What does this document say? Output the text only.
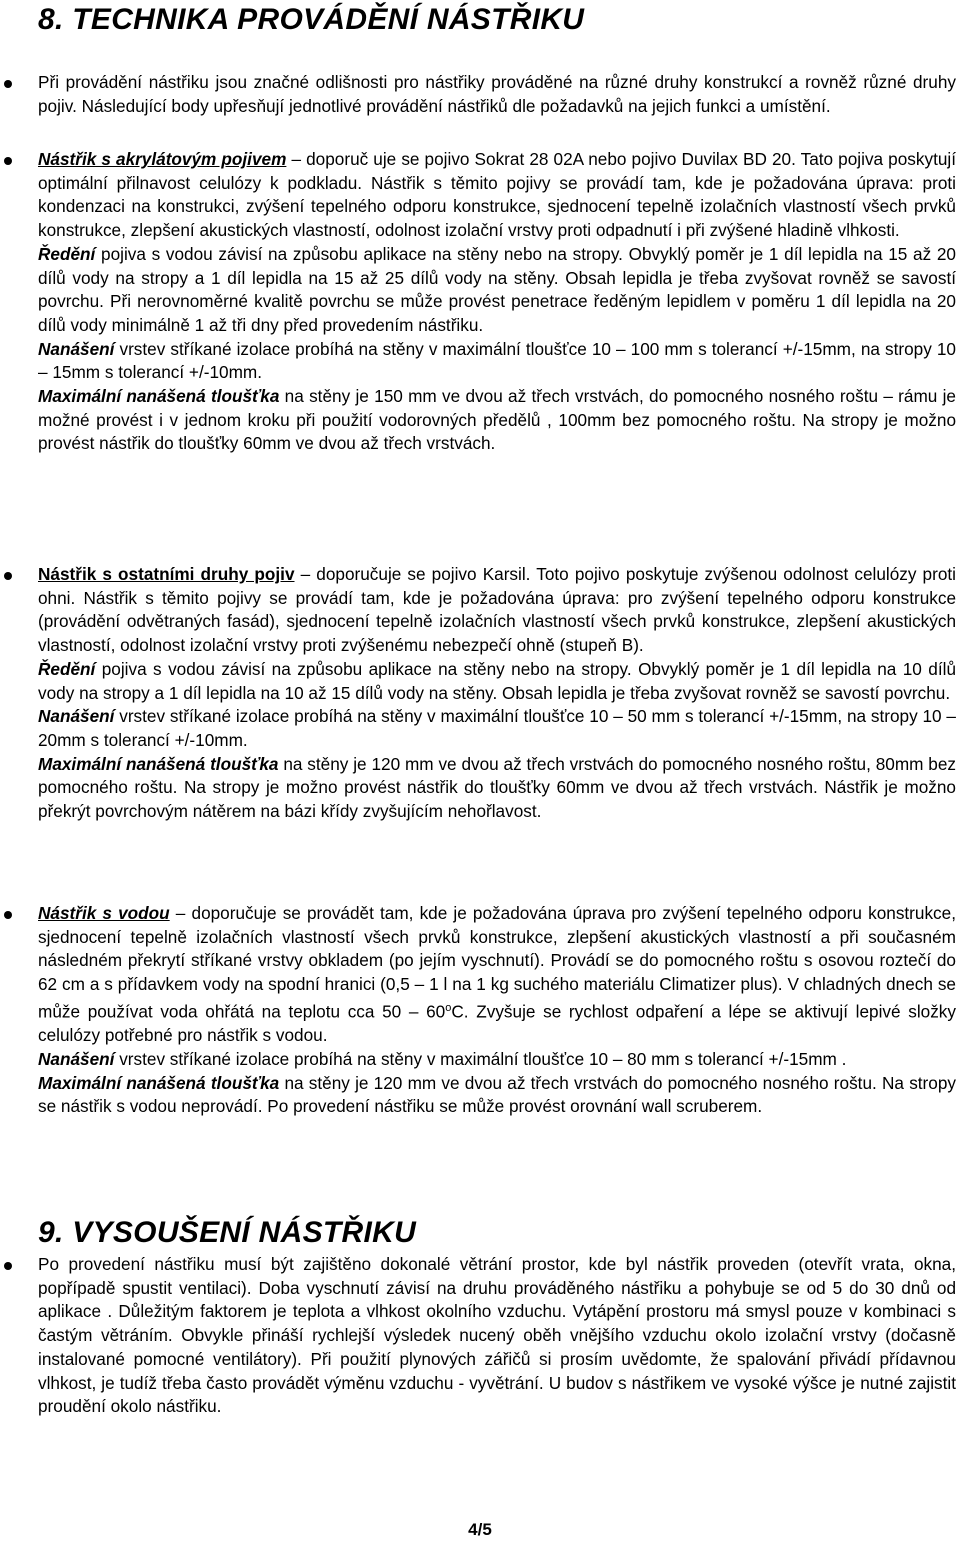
8. TECHNIKA PROVÁDĚNÍ NÁSTŘIKU

Při provádění nástřiku jsou značné odlišnosti pro nástřiky prováděné na různé druhy konstrukcí a rovněž různé druhy pojiv. Následující body upřesňují jednotlivé provádění nástřiků dle požadavků na jejich funkci a umístění.

Nástřik s akrylátovým pojivem – doporuč uje se pojivo Sokrat 28 02A nebo pojivo Duvilax BD 20. Tato pojiva poskytují optimální přilnavost celulózy k podkladu. Nástřik s těmito pojivy se provádí tam, kde je požadována úprava: proti kondenzaci na konstrukci, zvýšení tepelného odporu konstrukce, sjednocení tepelně izolačních vlastností všech prvků konstrukce, zlepšení akustických vlastností, odolnost izolační vrstvy proti odpadnutí i při zvýšené hladině vlhkosti.

Ředění pojiva s vodou závisí na způsobu aplikace na stěny nebo na stropy. Obvyklý poměr je 1 díl lepidla na 15 až 20 dílů vody na stropy a 1 díl lepidla na 15 až 25 dílů vody na stěny. Obsah lepidla je třeba zvyšovat rovněž se savostí povrchu. Při nerovnoměrné kvalitě povrchu se může provést penetrace ředěným lepidlem v poměru 1 díl lepidla na 20 dílů vody minimálně 1 až tři dny před provedením nástřiku.

Nanášení vrstev stříkané izolace probíhá na stěny v maximální tloušťce 10 – 100 mm s tolerancí +/-15mm, na stropy 10 – 15mm s tolerancí +/-10mm.

Maximální nanášená tloušťka na stěny je 150 mm ve dvou až třech vrstvách, do pomocného nosného roštu – rámu je možné provést i v jednom kroku při použití vodorovných předělů , 100mm bez pomocného roštu. Na stropy je možno provést nástřik do tloušťky 60mm ve dvou až třech vrstvách.

Nástřik s ostatními druhy pojiv – doporučuje se pojivo Karsil. Toto pojivo poskytuje zvýšenou odolnost celulózy proti ohni. Nástřik s těmito pojivy se provádí tam, kde je požadována úprava: pro zvýšení tepelného odporu konstrukce (provádění odvětraných fasád), sjednocení tepelně izolačních vlastností všech prvků konstrukce, zlepšení akustických vlastností, odolnost izolační vrstvy proti zvýšenému nebezpečí ohně (stupeň B).

Ředění pojiva s vodou závisí na způsobu aplikace na stěny nebo na stropy. Obvyklý poměr je 1 díl lepidla na 10 dílů vody na stropy a 1 díl lepidla na 10 až 15 dílů vody na stěny. Obsah lepidla je třeba zvyšovat rovněž se savostí povrchu.

Nanášení vrstev stříkané izolace probíhá na stěny v maximální tloušťce 10 – 50 mm s tolerancí +/-15mm, na stropy 10 – 20mm s tolerancí +/-10mm.

Maximální nanášená tloušťka na stěny je 120 mm ve dvou až třech vrstvách do pomocného nosného roštu, 80mm bez pomocného roštu. Na stropy je možno provést nástřik do tloušťky 60mm ve dvou až třech vrstvách. Nástřik je možno překrýt povrchovým nátěrem na bázi křídy zvyšujícím nehořlavost.

Nástřik s vodou – doporučuje se provádět tam, kde je požadována úprava pro zvýšení tepelného odporu konstrukce, sjednocení tepelně izolačních vlastností všech prvků konstrukce, zlepšení akustických vlastností a při současném následném překrytí stříkané vrstvy obkladem (po jejím vyschnutí). Provádí se do pomocného roštu s osovou roztečí do 62 cm a s přídavkem vody na spodní hranici (0,5 – 1 l na 1 kg suchého materiálu Climatizer plus). V chladných dnech se může používat voda ohřátá na teplotu cca 50 – 60$^o$C. Zvyšuje se rychlost odpaření a lépe se aktivují lepivé složky celulózy potřebné pro nástřik s vodou.

Nanášení vrstev stříkané izolace probíhá na stěny v maximální tloušťce 10 – 80 mm s tolerancí +/-15mm .

Maximální nanášená tloušťka na stěny je 120 mm ve dvou až třech vrstvách do pomocného nosného roštu. Na stropy se nástřik s vodou neprovádí. Po provedení nástřiku se může provést orovnání wall scruberem.

9. VYSOUŠENÍ NÁSTŘIKU

Po provedení nástřiku musí být zajištěno dokonalé větrání prostor, kde byl nástřik proveden (otevřít vrata, okna, popřípadě spustit ventilaci). Doba vyschnutí závisí na druhu prováděného nástřiku a pohybuje se od 5 do 30 dnů od aplikace . Důležitým faktorem je teplota a vlhkost okolního vzduchu. Vytápění prostoru má smysl pouze v kombinaci s častým větráním. Obvykle přináší rychlejší výsledek nucený oběh vnějšího vzduchu okolo izolační vrstvy (dočasně instalované pomocné ventilátory). Při použití plynových zářičů si prosím uvědomte, že spalování přivádí přídavnou vlhkost, je tudíž třeba často provádět výměnu vzduchu - vyvětrání. U budov s nástřikem ve vysoké výšce je nutné zajistit proudění okolo nástřiku.

4/5
